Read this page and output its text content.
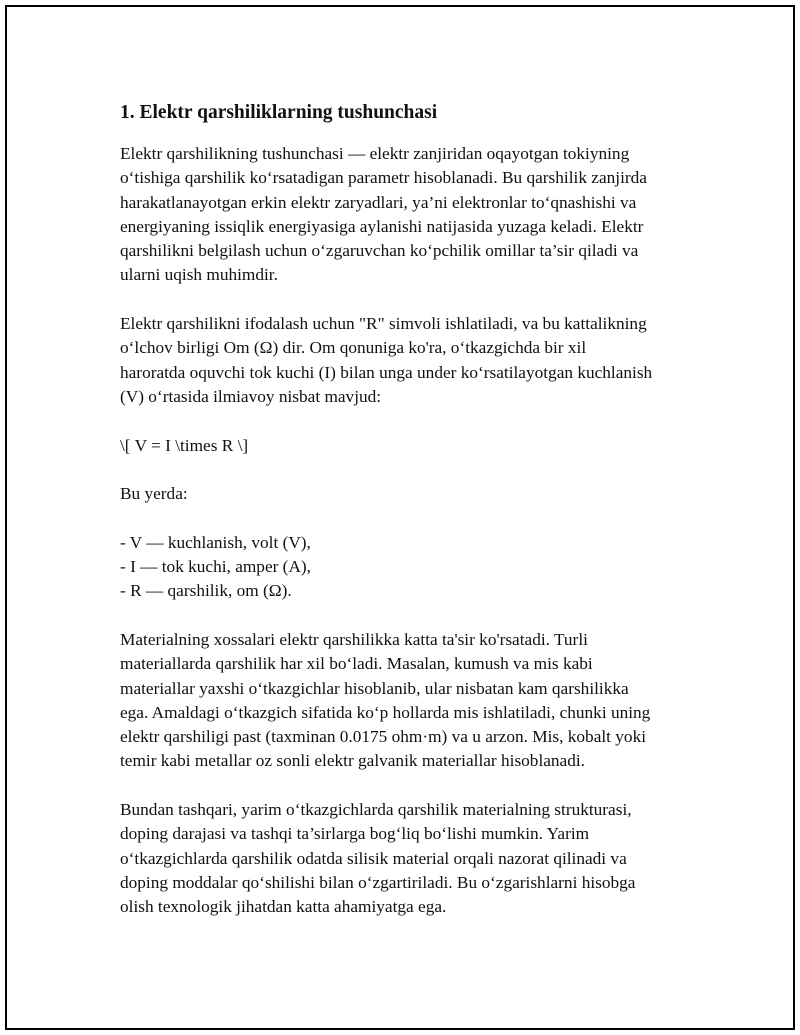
1. Elektr qarshiliklarning tushunchasi
Elektr qarshilikning tushunchasi — elektr zanjiridan oqayotgan tokiyning
o‘tishiga qarshilik ko‘rsatadigan parametr hisoblanadi. Bu qarshilik zanjirda
harakatlanayotgan erkin elektr zaryadlari, ya’ni elektronlar to‘qnashishi va
energiyaning issiqlik energiyasiga aylanishi natijasida yuzaga keladi. Elektr
qarshilikni belgilash uchun o‘zgaruvchan ko‘pchilik omillar ta’sir qiladi va
ularni uqish muhimdir.
Elektr qarshilikni ifodalash uchun "R" simvoli ishlatiladi, va bu kattalikning
o‘lchov birligi Om (Ω) dir. Om qonuniga ko'ra, o‘tkazgichda bir xil
haroratda oquvchi tok kuchi (I) bilan unga under ko‘rsatilayotgan kuchlanish
(V) o‘rtasida ilmiavoy nisbat mavjud:
\[ V = I \times R \]
Bu yerda:
- V — kuchlanish, volt (V),
- I — tok kuchi, amper (A),
- R — qarshilik, om (Ω).
Materialning xossalari elektr qarshilikka katta ta'sir ko'rsatadi. Turli
materiallarda qarshilik har xil bo‘ladi. Masalan, kumush va mis kabi
materiallar yaxshi o‘tkazgichlar hisoblanib, ular nisbatan kam qarshilikka
ega. Amaldagi o‘tkazgich sifatida ko‘p hollarda mis ishlatiladi, chunki uning
elektr qarshiligi past (taxminan 0.0175 ohm·m) va u arzon. Mis, kobalt yoki
temir kabi metallar oz sonli elektr galvanik materiallar hisoblanadi.
Bundan tashqari, yarim o‘tkazgichlarda qarshilik materialning strukturasi,
doping darajasi va tashqi ta’sirlarga bog‘liq bo‘lishi mumkin. Yarim
o‘tkazgichlarda qarshilik odatda silisik material orqali nazorat qilinadi va
doping moddalar qo‘shilishi bilan o‘zgartiriladi. Bu o‘zgarishlarni hisobga
olish texnologik jihatdan katta ahamiyatga ega.
